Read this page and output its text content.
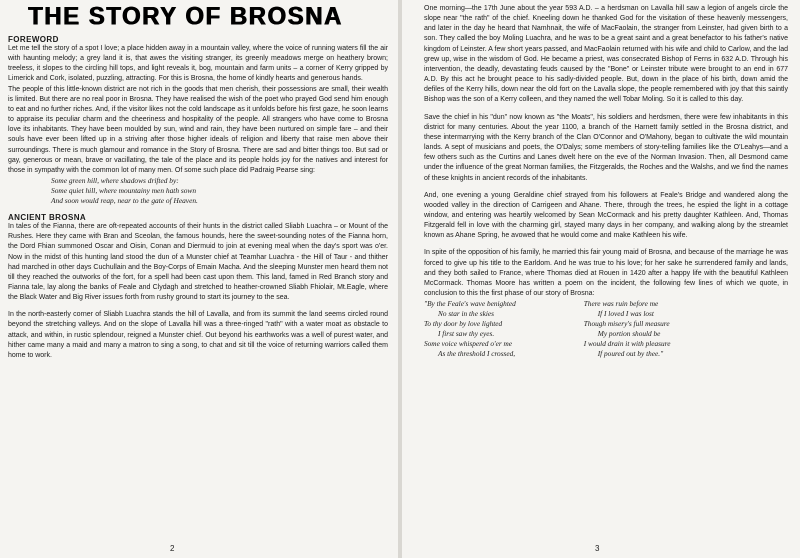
THE STORY OF BROSNA

FOREWORD

Let me tell the story of a spot I love; a place hidden away in a mountain valley, where the voice of running waters fill the air with haunting melody; a grey land it is, that awes the visiting stranger, its greenly meadows merge on heathery brown; treeless, it slopes to the circling hill tops, and light reveals it, bog, mountain and farm units – a corner of Kerry gripped by Limerick and Cork, isolated, puzzling, attracting. For this is Brosna, the home of kindly hearts and generous hands.

The people of this little-known district are not rich in the goods that men cherish, their possessions are small, their wealth is limited. But there are no real poor in Brosna. They have realised the wish of the poet who prayed God send him enough to eat and no further riches. And, if the visitor likes not the cold landscape as it unfolds before his first gaze, he soon learns to appraise its peculiar charm and the cheeriness and hospitality of the people. All strangers who have come to Brosna love its inhabitants. They have been moulded by sun, wind and rain, they have been nurtured on simple fare – and their souls have ever been lifted up in a striving after those higher ideals of religion and liberty that raise men above their surroundings. There is much glamour and romance in the Story of Brosna. There are sad and bitter things too. But sad or gay, generous or mean, brave or vacillating, the tale of the place and its people holds joy for the natives and interest for those in sympathy with the common lot of many men. Of some such place did Padraig Pearse sing:

Some green hill, where shadows drifted by:

Some quiet hill, where mountainy men hath sown

And soon would reap, near to the gate of Heaven.

ANCIENT BROSNA

In tales of the Fianna, there are oft-repeated accounts of their hunts in the district called Sliabh Luachra – or Mount of the Rushes. Here they came with Bran and Sceolan, the famous hounds, here the sweet-sounding notes of the Fianna horn, the Dord Fhian summoned Oscar and Oisin, Conan and Diermuid to join at evening meal when the day's sport was o'er. Now in the midst of this hunting land stood the dun of a Munster chief at Teamhar Luachra - the Hill of Taur - and thither had marched in other days Cuchullain and the Boy-Corps of Emain Macha. And the sleeping Munster men heard them not till they reached the outworks of the fort, for a spell had been cast upon them. This land, famed in Red Branch story and Fianna tale, lay along the banks of Feale and Clydagh and stretched to heather-crowned Sliabh Fhiolair, Mt.Eagle, where the Black Water and Big River issues forth from rushy ground to start its journey to the sea.

In the north-easterly corner of Sliabh Luachra stands the hill of Lavalla, and from its summit the land seems circled round beyond the stretching valleys. And on the slope of Lavalla hill was a three-ringed "rath" with a water moat as obstacle to attack, and within, in rustic splendour, reigned a Munster chief. Out beyond his earthworks was a well of purest water, and hither came many a maid and many a matron to sing a song, to chat and sit till the voice of returning warriors called them home to work.

2

One morning—the 17th June about the year 593 A.D. – a herdsman on Lavalla hill saw a legion of angels circle the slope near "the rath" of the chief. Kneeling down he thanked God for the visitation of these heavenly messengers, and later in the day he heard that Namhnait, the wife of MacFaolain, the stranger from Leinster, had given birth to a son. They called the boy Moling Luachra, and he was to be a great saint and a great benefactor to his father's native kingdom of Leinster. A few short years passed, and MacFaolain returned with his wife and child to Carlow, and the lad grew up, wise in the wisdom of God. He became a priest, was consecrated Bishop of Ferns in 632 A.D. Through his intervention, the deadly, devastating feuds caused by the "Bone" or Leinster tribute were brought to an end in 677 A.D. By this act he brought peace to his sadly-divided people. But, down in the place of his birth, down amid the defiles of the Kerry hills, down near the old fort on the Lavalla slope, the people remembered with joy that this saintly Bishop was the son of a Kerry colleen, and they named the well Tobar Moling. So it is called to this day.

Save the chief in his "dun" now known as "the Moats", his soldiers and herdsmen, there were few inhabitants in this district for many centuries. About the year 1100, a branch of the Harnett family settled in the Brosna district, and these intermarrying with the Kerry branch of the Clan O'Connor and O'Mahony, began to cultivate the wild mountain lands. A sept of musicians and poets, the O'Dalys; some members of story-telling families like the O'Leahys—and a few others such as the Curtins and Lanes dwelt here on the eve of the Norman Invasion. Then, all Desmond came under the influence of the great Norman families, the Fitzgeralds, the Roches and the Walshs, and we find the names of these knights in ancient records of the inhabitants.

And, one evening a young Geraldine chief strayed from his followers at Feale's Bridge and wandered along the wooded valley in the direction of Carrigeen and Ahane. There, through the trees, he espied the light in a cottage window, and entering was heartily welcomed by Sean McCormack and his pretty daughter Kathleen. And, Thomas Fitzgerald fell in love with the charming girl, stayed many days in her company, and walking along by the streamlet known as Ahane Spring, he avowed that he would come and make Kathleen his wife.

In spite of the opposition of his family, he married this fair young maid of Brosna, and because of the marriage he was forced to give up his title to the Earldom. And he was true to his love; for her sake he surrendered family and lands, and they both sailed to France, where Thomas died at Rouen in 1420 after a happy life with the beautiful Kathleen McCormack. Thomas Moore has written a poem on the incident, the following few lines of which we quote, in conclusion to this the first phase of our story of Brosna:

"By the Feale's wave benighted

No star in the skies

To thy door by love lighted

I first saw thy eyes.

Some voice whispered o'er me

As the threshold I crossed,

There was ruin before me

If I loved I was lost

Though misery's full measure

My portion should be

I would drain it with pleasure

If poured out by thee."

3
